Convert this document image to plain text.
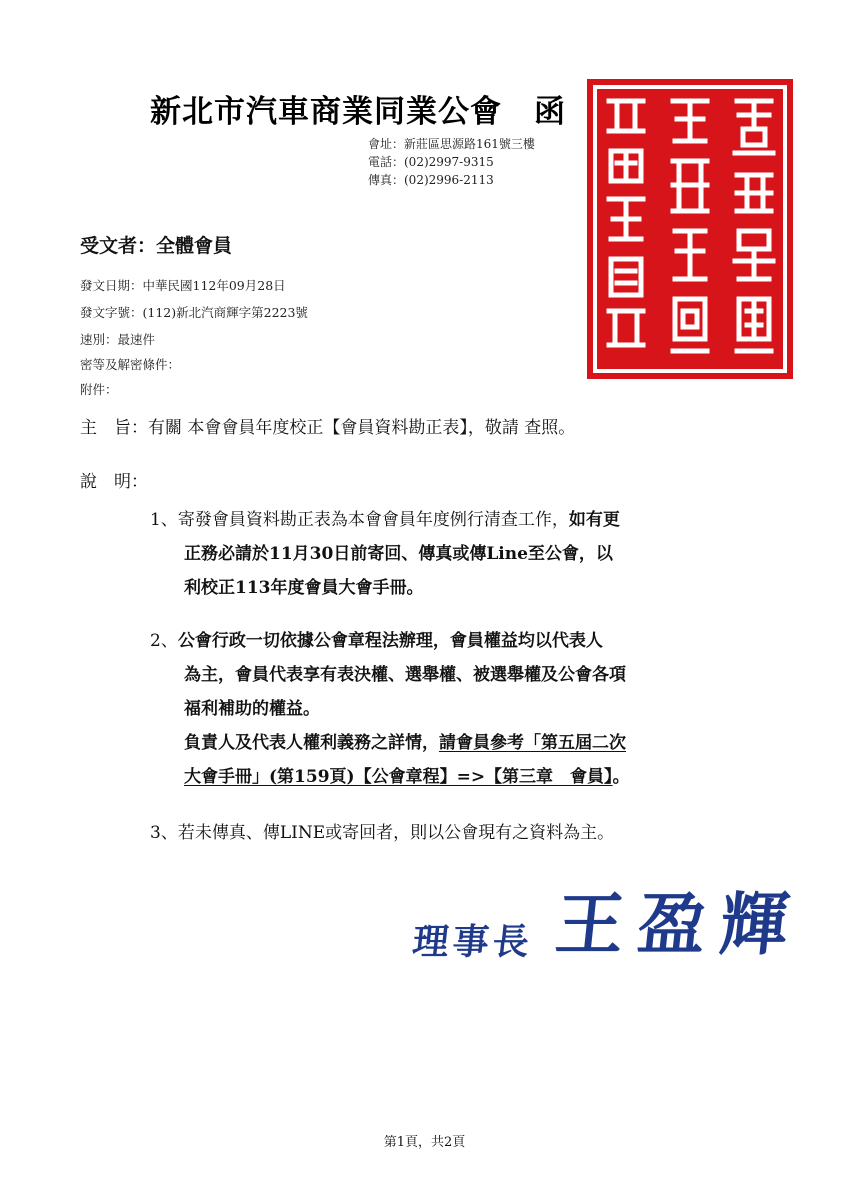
新北市汽車商業同業公會　函
會址：新莊區思源路161號三樓
電話：(02)2997-9315
傳真：(02)2996-2113
受文者：全體會員
發文日期：中華民國112年09月28日
發文字號：(112)新北汽商輝字第2223號
速別：最速件
密等及解密條件：
附件：
主　旨：有關 本會會員年度校正【會員資料勘正表】，敬請 查照。
說　明：
1、寄發會員資料勘正表為本會會員年度例行清查工作，如有更
正務必請於11月30日前寄回、傳真或傳Line至公會，以
利校正113年度會員大會手冊。
2、公會行政一切依據公會章程法辦理，會員權益均以代表人
為主，會員代表享有表決權、選舉權、被選舉權及公會各項
福利補助的權益。
負責人及代表人權利義務之詳情，請會員參考「第五屆二次
大會手冊」(第159頁)【公會章程】=>【第三章　會員】。
3、若未傳真、傳LINE或寄回者，則以公會現有之資料為主。
理事長 王盈輝
第1頁，共2頁
